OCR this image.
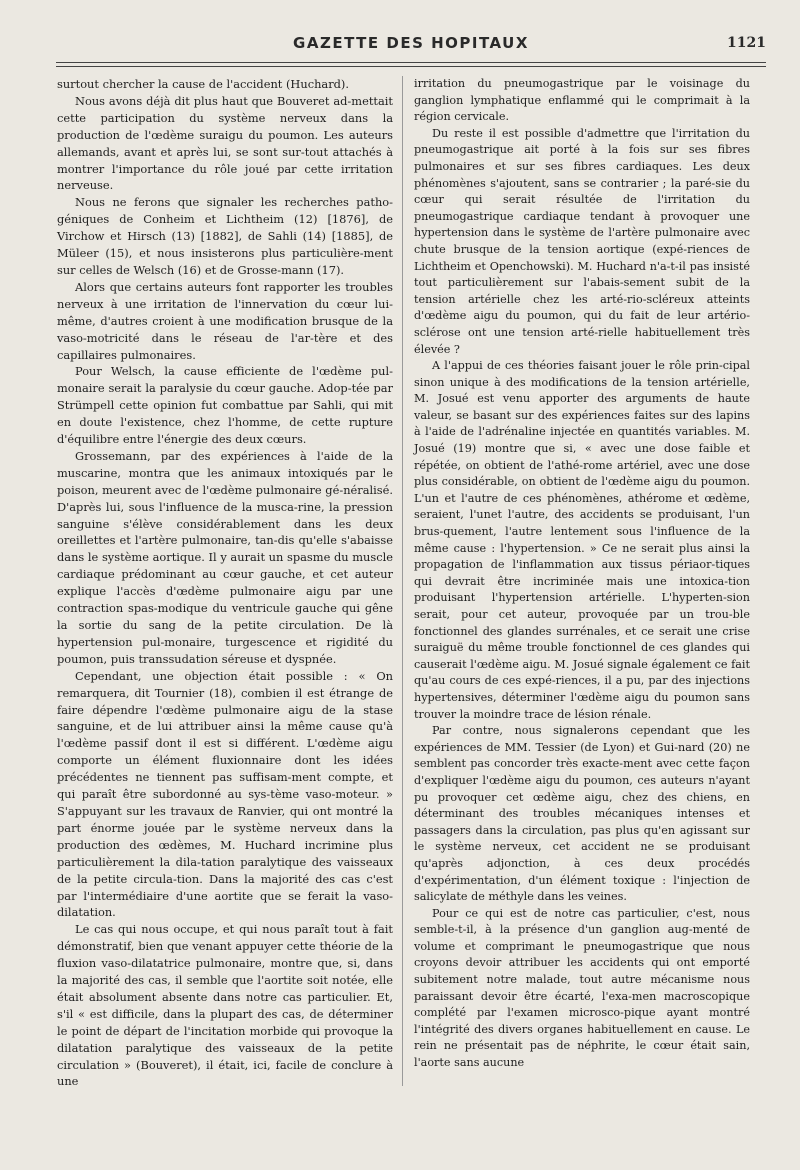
GAZETTE DES HOPITAUX	1121

surtout chercher la cause de l'accident (Huchard).

Nous avons déjà dit plus haut que Bouveret ad-mettait cette participation du système nerveux dans la production de l'œdème suraigu du poumon. Les auteurs allemands, avant et après lui, se sont sur-tout attachés à montrer l'importance du rôle joué par cette irritation nerveuse.

Nous ne ferons que signaler les recherches patho-géniques de Conheim et Lichtheim (12) [1876], de Virchow et Hirsch (13) [1882], de Sahli (14) [1885], de Müleer (15), et nous insisterons plus particulière-ment sur celles de Welsch (16) et de Grosse-mann (17).

Alors que certains auteurs font rapporter les troubles nerveux à une irritation de l'innervation du cœur lui-même, d'autres croient à une modification brusque de la vaso-motricité dans le réseau de l'ar-tère et des capillaires pulmonaires.

Pour Welsch, la cause efficiente de l'œdème pul-monaire serait la paralysie du cœur gauche. Adop-tée par Strümpell cette opinion fut combattue par Sahli, qui mit en doute l'existence, chez l'homme, de cette rupture d'équilibre entre l'énergie des deux cœurs.

Grossemann, par des expériences à l'aide de la muscarine, montra que les animaux intoxiqués par le poison, meurent avec de l'œdème pulmonaire gé-néralisé. D'après lui, sous l'influence de la musca-rine, la pression sanguine s'élève considérablement dans les deux oreillettes et l'artère pulmonaire, tan-dis qu'elle s'abaisse dans le système aortique. Il y aurait un spasme du muscle cardiaque prédominant au cœur gauche, et cet auteur explique l'accès d'œdème pulmonaire aigu par une contraction spas-modique du ventricule gauche qui gêne la sortie du sang de la petite circulation. De là hypertension pul-monaire, turgescence et rigidité du poumon, puis transsudation séreuse et dyspnée.

Cependant, une objection était possible : « On remarquera, dit Tournier (18), combien il est étrange de faire dépendre l'œdème pulmonaire aigu de la stase sanguine, et de lui attribuer ainsi la même cause qu'à l'œdème passif dont il est si différent. L'œdème aigu comporte un élément fluxionnaire dont les idées précédentes ne tiennent pas suffisam-ment compte, et qui paraît être subordonné au sys-tème vaso-moteur. » S'appuyant sur les travaux de Ranvier, qui ont montré la part énorme jouée par le système nerveux dans la production des œdèmes, M. Huchard incrimine plus particulièrement la dila-tation paralytique des vaisseaux de la petite circula-tion. Dans la majorité des cas c'est par l'intermédiaire d'une aortite que se ferait la vaso-dilatation.

Le cas qui nous occupe, et qui nous paraît tout à fait démonstratif, bien que venant appuyer cette théorie de la fluxion vaso-dilatatrice pulmonaire, montre que, si, dans la majorité des cas, il semble que l'aortite soit notée, elle était absolument absente dans notre cas particulier. Et, s'il « est difficile, dans la plupart des cas, de déterminer le point de départ de l'incitation morbide qui provoque la dilatation paralytique des vaisseaux de la petite circulation » (Bouveret), il était, ici, facile de conclure à une

irritation du pneumogastrique par le voisinage du ganglion lymphatique enflammé qui le comprimait à la région cervicale.

Du reste il est possible d'admettre que l'irritation du pneumogastrique ait porté à la fois sur ses fibres pulmonaires et sur ses fibres cardiaques. Les deux phénomènes s'ajoutent, sans se contrarier ; la paré-sie du cœur qui serait résultée de l'irritation du pneumogastrique cardiaque tendant à provoquer une hypertension dans le système de l'artère pulmonaire avec chute brusque de la tension aortique (expé-riences de Lichtheim et Openchowski). M. Huchard n'a-t-il pas insisté tout particulièrement sur l'abais-sement subit de la tension artérielle chez les arté-rio-scléreux atteints d'œdème aigu du poumon, qui du fait de leur artério-sclérose ont une tension arté-rielle habituellement très élevée ?

A l'appui de ces théories faisant jouer le rôle prin-cipal sinon unique à des modifications de la tension artérielle, M. Josué est venu apporter des arguments de haute valeur, se basant sur des expériences faites sur des lapins à l'aide de l'adrénaline injectée en quantités variables. M. Josué (19) montre que si, « avec une dose faible et répétée, on obtient de l'athé-rome artériel, avec une dose plus considérable, on obtient de l'œdème aigu du poumon. L'un et l'autre de ces phénomènes, athérome et œdème, seraient, l'unet l'autre, des accidents se produisant, l'un brus-quement, l'autre lentement sous l'influence de la même cause : l'hypertension. » Ce ne serait plus ainsi la propagation de l'inflammation aux tissus périaor-tiques qui devrait être incriminée mais une intoxica-tion produisant l'hypertension artérielle. L'hyperten-sion serait, pour cet auteur, provoquée par un trou-ble fonctionnel des glandes surrénales, et ce serait une crise suraiguë du même trouble fonctionnel de ces glandes qui causerait l'œdème aigu. M. Josué signale également ce fait qu'au cours de ces expé-riences, il a pu, par des injections hypertensives, déterminer l'œdème aigu du poumon sans trouver la moindre trace de lésion rénale.

Par contre, nous signalerons cependant que les expériences de MM. Tessier (de Lyon) et Gui-nard (20) ne semblent pas concorder très exacte-ment avec cette façon d'expliquer l'œdème aigu du poumon, ces auteurs n'ayant pu provoquer cet œdème aigu, chez des chiens, en déterminant des troubles mécaniques intenses et passagers dans la circulation, pas plus qu'en agissant sur le système nerveux, cet accident ne se produisant qu'après adjonction, à ces deux procédés d'expérimentation, d'un élément toxique : l'injection de salicylate de méthyle dans les veines.

Pour ce qui est de notre cas particulier, c'est, nous semble-t-il, à la présence d'un ganglion aug-menté de volume et comprimant le pneumogastrique que nous croyons devoir attribuer les accidents qui ont emporté subitement notre malade, tout autre mécanisme nous paraissant devoir être écarté, l'exa-men macroscopique complété par l'examen microsco-pique ayant montré l'intégrité des divers organes habituellement en cause. Le rein ne présentait pas de néphrite, le cœur était sain, l'aorte sans aucune
